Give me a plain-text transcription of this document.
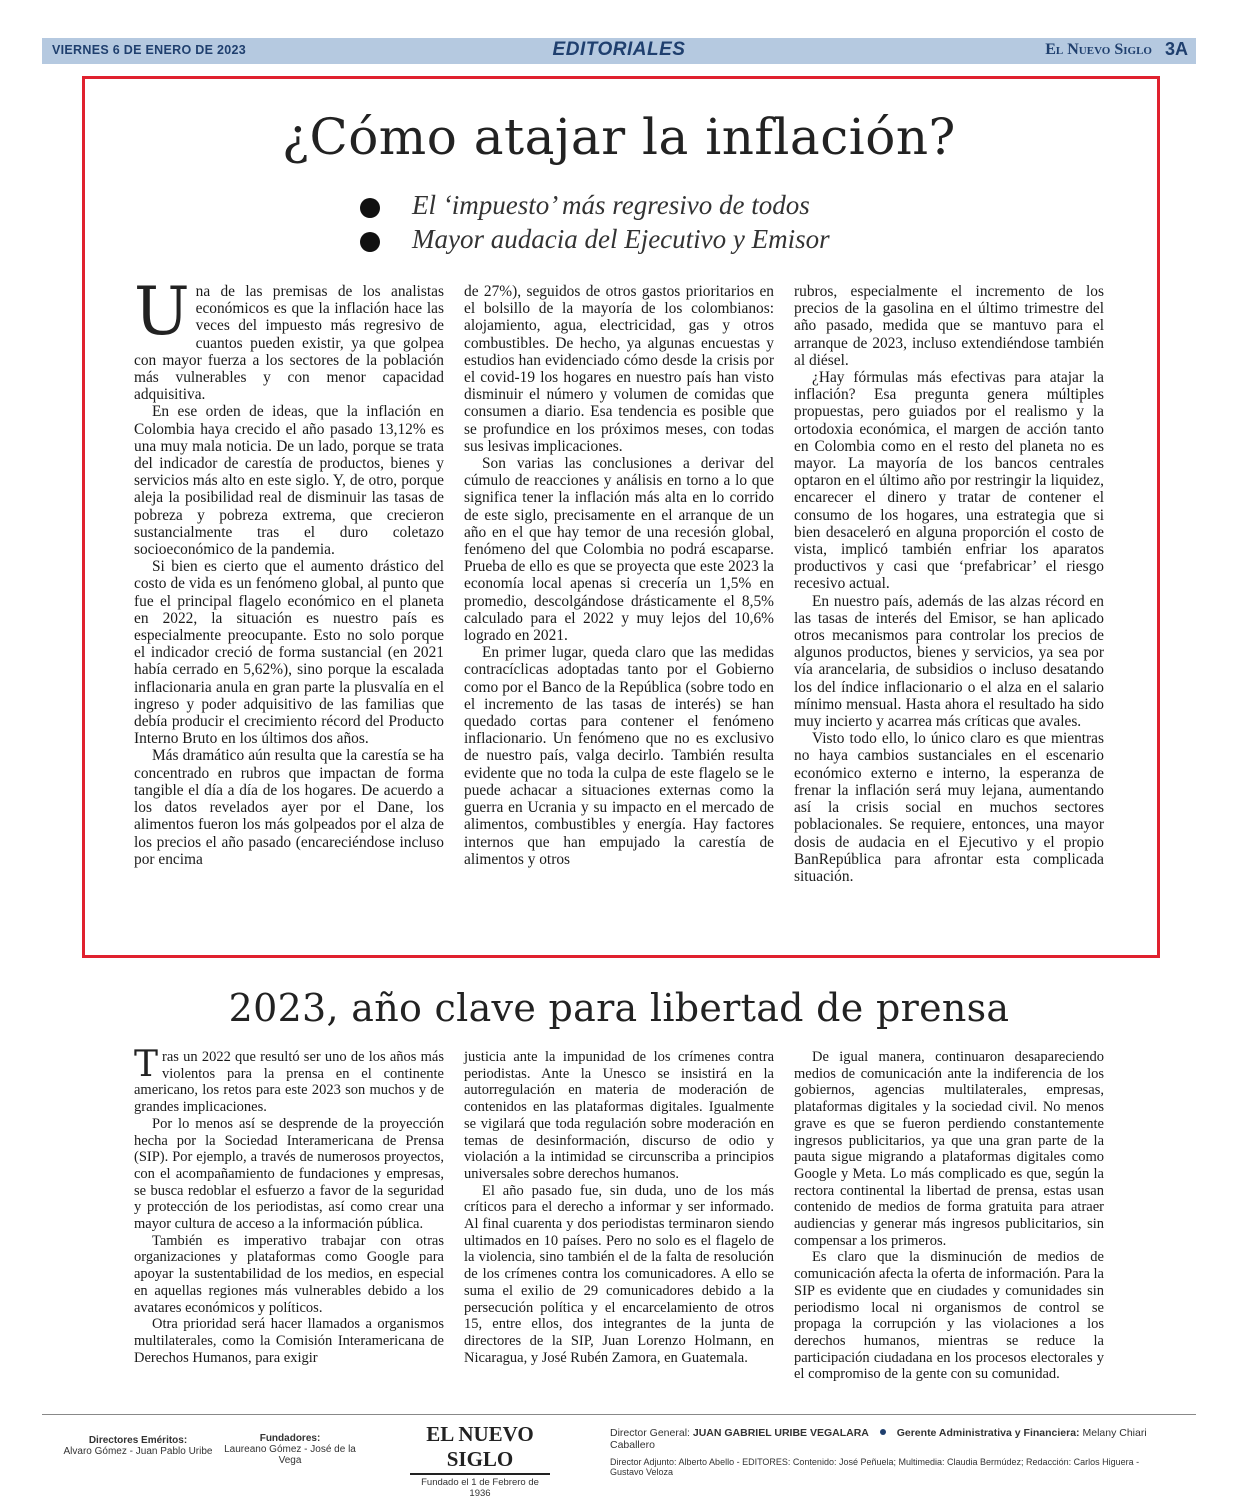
VIERNES 6 DE ENERO DE 2023	EDITORIALES	El Nuevo Siglo 3A
¿Cómo atajar la inflación?
El ‘impuesto’ más regresivo de todos
Mayor audacia del Ejecutivo y Emisor

Una de las premisas de los analistas económicos es que la inflación hace las veces del impuesto más regresivo de cuantos pueden existir, ya que golpea con mayor fuerza a los sectores de la población más vulnerables y con menor capacidad adquisitiva.

En ese orden de ideas, que la inflación en Colombia haya crecido el año pasado 13,12% es una muy mala noticia. De un lado, porque se trata del indicador de carestía de productos, bienes y servicios más alto en este siglo. Y, de otro, porque aleja la posibilidad real de disminuir las tasas de pobreza y pobreza extrema, que crecieron sustancialmente tras el duro coletazo socioeconómico de la pandemia.

Si bien es cierto que el aumento drástico del costo de vida es un fenómeno global, al punto que fue el principal flagelo económico en el planeta en 2022, la situación es nuestro país es especialmente preocupante. Esto no solo porque el indicador creció de forma sustancial (en 2021 había cerrado en 5,62%), sino porque la escalada inflacionaria anula en gran parte la plusvalía en el ingreso y poder adquisitivo de las familias que debía producir el crecimiento récord del Producto Interno Bruto en los últimos dos años.

Más dramático aún resulta que la carestía se ha concentrado en rubros que impactan de forma tangible el día a día de los hogares. De acuerdo a los datos revelados ayer por el Dane, los alimentos fueron los más golpeados por el alza de los precios el año pasado (encareciéndose incluso por encima

de 27%), seguidos de otros gastos prioritarios en el bolsillo de la mayoría de los colombianos: alojamiento, agua, electricidad, gas y otros combustibles. De hecho, ya algunas encuestas y estudios han evidenciado cómo desde la crisis por el covid-19 los hogares en nuestro país han visto disminuir el número y volumen de comidas que consumen a diario. Esa tendencia es posible que se profundice en los próximos meses, con todas sus lesivas implicaciones.

Son varias las conclusiones a derivar del cúmulo de reacciones y análisis en torno a lo que significa tener la inflación más alta en lo corrido de este siglo, precisamente en el arranque de un año en el que hay temor de una recesión global, fenómeno del que Colombia no podrá escaparse. Prueba de ello es que se proyecta que este 2023 la economía local apenas si crecería un 1,5% en promedio, descolgándose drásticamente el 8,5% calculado para el 2022 y muy lejos del 10,6% logrado en 2021.

En primer lugar, queda claro que las medidas contracíclicas adoptadas tanto por el Gobierno como por el Banco de la República (sobre todo en el incremento de las tasas de interés) se han quedado cortas para contener el fenómeno inflacionario. Un fenómeno que no es exclusivo de nuestro país, valga decirlo. También resulta evidente que no toda la culpa de este flagelo se le puede achacar a situaciones externas como la guerra en Ucrania y su impacto en el mercado de alimentos, combustibles y energía. Hay factores internos que han empujado la carestía de alimentos y otros

rubros, especialmente el incremento de los precios de la gasolina en el último trimestre del año pasado, medida que se mantuvo para el arranque de 2023, incluso extendiéndose también al diésel.

¿Hay fórmulas más efectivas para atajar la inflación? Esa pregunta genera múltiples propuestas, pero guiados por el realismo y la ortodoxia económica, el margen de acción tanto en Colombia como en el resto del planeta no es mayor. La mayoría de los bancos centrales optaron en el último año por restringir la liquidez, encarecer el dinero y tratar de contener el consumo de los hogares, una estrategia que si bien desaceleró en alguna proporción el costo de vista, implicó también enfriar los aparatos productivos y casi que ‘prefabricar’ el riesgo recesivo actual.

En nuestro país, además de las alzas récord en las tasas de interés del Emisor, se han aplicado otros mecanismos para controlar los precios de algunos productos, bienes y servicios, ya sea por vía arancelaria, de subsidios o incluso desatando los del índice inflacionario o el alza en el salario mínimo mensual. Hasta ahora el resultado ha sido muy incierto y acarrea más críticas que avales.

Visto todo ello, lo único claro es que mientras no haya cambios sustanciales en el escenario económico externo e interno, la esperanza de frenar la inflación será muy lejana, aumentando así la crisis social en muchos sectores poblacionales. Se requiere, entonces, una mayor dosis de audacia en el Ejecutivo y el propio BanRepública para afrontar esta complicada situación.

2023, año clave para libertad de prensa

Tras un 2022 que resultó ser uno de los años más violentos para la prensa en el continente americano, los retos para este 2023 son muchos y de grandes implicaciones.

Por lo menos así se desprende de la proyección hecha por la Sociedad Interamericana de Prensa (SIP). Por ejemplo, a través de numerosos proyectos, con el acompañamiento de fundaciones y empresas, se busca redoblar el esfuerzo a favor de la seguridad y protección de los periodistas, así como crear una mayor cultura de acceso a la información pública.

También es imperativo trabajar con otras organizaciones y plataformas como Google para apoyar la sustentabilidad de los medios, en especial en aquellas regiones más vulnerables debido a los avatares económicos y políticos.

Otra prioridad será hacer llamados a organismos multilaterales, como la Comisión Interamericana de Derechos Humanos, para exigir

justicia ante la impunidad de los crímenes contra periodistas. Ante la Unesco se insistirá en la autorregulación en materia de moderación de contenidos en las plataformas digitales. Igualmente se vigilará que toda regulación sobre moderación en temas de desinformación, discurso de odio y violación a la intimidad se circunscriba a principios universales sobre derechos humanos.

El año pasado fue, sin duda, uno de los más críticos para el derecho a informar y ser informado. Al final cuarenta y dos periodistas terminaron siendo ultimados en 10 países. Pero no solo es el flagelo de la violencia, sino también el de la falta de resolución de los crímenes contra los comunicadores. A ello se suma el exilio de 29 comunicadores debido a la persecución política y el encarcelamiento de otros 15, entre ellos, dos integrantes de la junta de directores de la SIP, Juan Lorenzo Holmann, en Nicaragua, y José Rubén Zamora, en Guatemala.

De igual manera, continuaron desapareciendo medios de comunicación ante la indiferencia de los gobiernos, agencias multilaterales, empresas, plataformas digitales y la sociedad civil. No menos grave es que se fueron perdiendo constantemente ingresos publicitarios, ya que una gran parte de la pauta sigue migrando a plataformas digitales como Google y Meta. Lo más complicado es que, según la rectora continental la libertad de prensa, estas usan contenido de medios de forma gratuita para atraer audiencias y generar más ingresos publicitarios, sin compensar a los primeros.

Es claro que la disminución de medios de comunicación afecta la oferta de información. Para la SIP es evidente que en ciudades y comunidades sin periodismo local ni organismos de control se propaga la corrupción y las violaciones a los derechos humanos, mientras se reduce la participación ciudadana en los procesos electorales y el compromiso de la gente con su comunidad.

Directores Eméritos:
Alvaro Gómez - Juan Pablo Uribe
Fundadores:
Laureano Gómez - José de la Vega
EL NUEVO SIGLO
Fundado el 1 de Febrero de 1936
Director General: JUAN GABRIEL URIBE VEGALARA	Gerente Administrativa y Financiera: Melany Chiari Caballero
Director Adjunto: Alberto Abello - EDITORES: Contenido: José Peñuela; Multimedia: Claudia Bermúdez; Redacción: Carlos Higuera - Gustavo Veloza
